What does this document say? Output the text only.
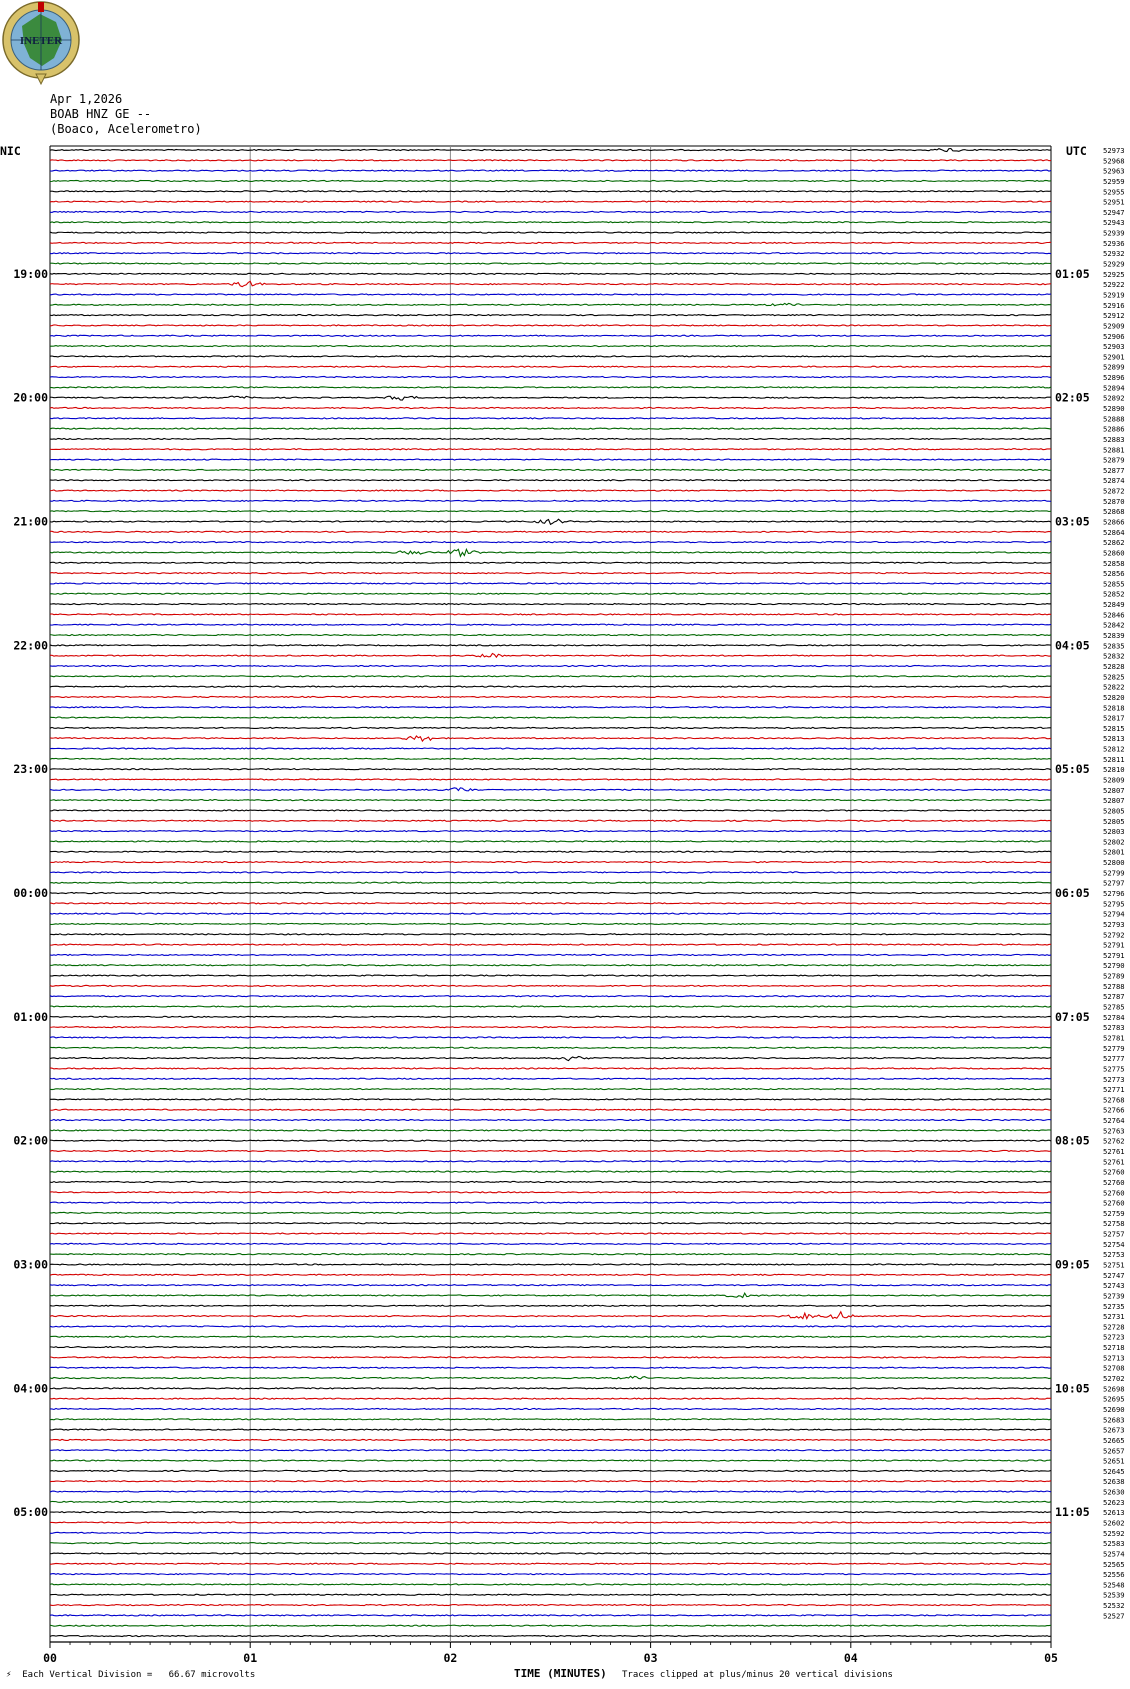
INETER
Apr 1,2026
BOAB HNZ GE --
(Boaco, Acelerometro)
52973
52968
52963
52959
52955
52951
52947
52943
52939
52936
52932
52929
52925
52922
52919
52916
52912
52909
52906
52903
52901
52899
52896
52894
52892
52890
52888
52886
52883
52881
52879
52877
52874
52872
52870
52868
52866
52864
52862
52860
52858
52856
52855
52852
52849
52846
52842
52839
52835
52832
52828
52825
52822
52820
52818
52817
52815
52813
52812
52811
52810
52809
52807
52807
52805
52805
52803
52802
52801
52800
52799
52797
52796
52795
52794
52793
52792
52791
52791
52790
52789
52788
52787
52785
52784
52783
52781
52779
52777
52775
52773
52771
52768
52766
52764
52763
52762
52761
52761
52760
52760
52760
52760
52759
52758
52757
52754
52753
52751
52747
52743
52739
52735
52731
52728
52723
52718
52713
52708
52702
52698
52695
52690
52683
52673
52665
52657
52651
52645
52638
52630
52623
52613
52602
52592
52583
52574
52565
52556
52548
52539
52532
52527
19:00
20:00
21:00
22:00
23:00
00:00
01:00
02:00
03:00
04:00
05:00
01:05
02:05
03:05
04:05
05:05
06:05
07:05
08:05
09:05
10:05
11:05
NIC	UTC
00	01	02	03	04	05
TIME (MINUTES)
⚡  Each Vertical Division =   66.67 microvolts	Traces clipped at plus/minus 20 vertical divisions
